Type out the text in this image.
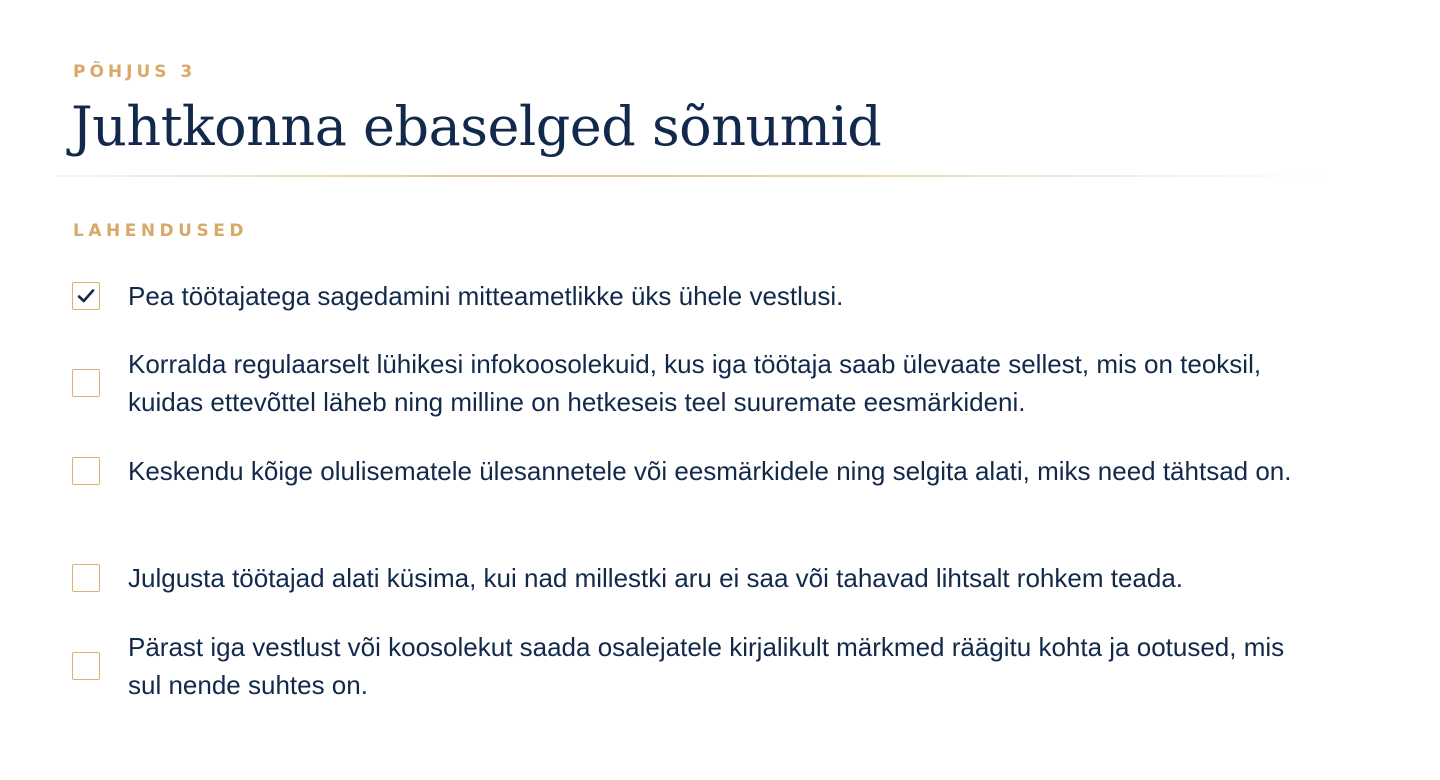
PÕHJUS 3
Juhtkonna ebaselged sõnumid
LAHENDUSED
Pea töötajatega sagedamini mitteametlikke üks ühele vestlusi.
Korralda regulaarselt lühikesi infokoosolekuid, kus iga töötaja saab ülevaate sellest, mis on teoksil, kuidas ettevõttel läheb ning milline on hetkeseis teel suuremate eesmärkideni.
Keskendu kõige olulisematele ülesannetele või eesmärkidele ning selgita alati, miks need tähtsad on.
Julgusta töötajad alati küsima, kui nad millestki aru ei saa või tahavad lihtsalt rohkem teada.
Pärast iga vestlust või koosolekut saada osalejatele kirjalikult märkmed räägitu kohta ja ootused, mis sul nende suhtes on.
